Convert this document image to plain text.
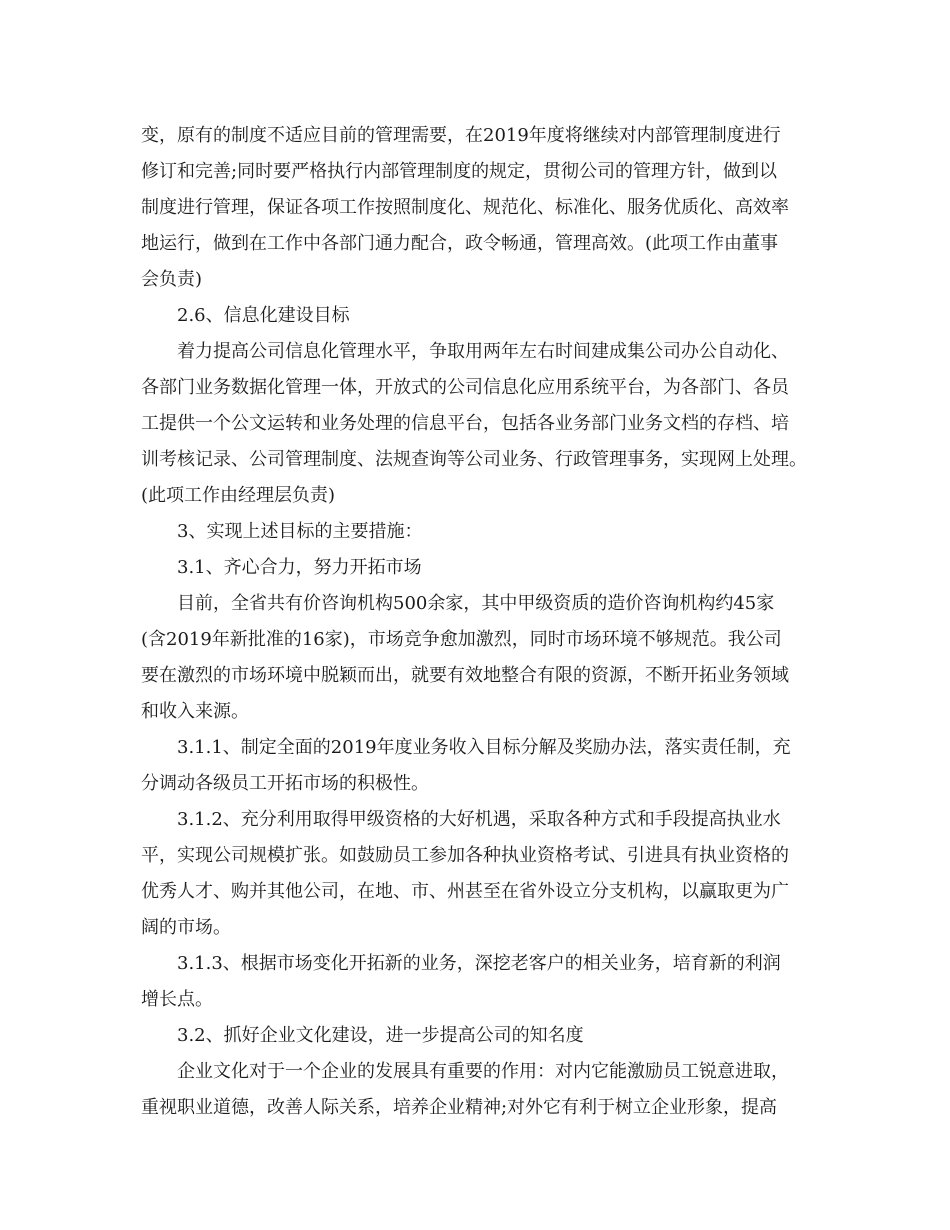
变，原有的制度不适应目前的管理需要，在2019年度将继续对内部管理制度进行
修订和完善;同时要严格执行内部管理制度的规定，贯彻公司的管理方针，做到以
制度进行管理，保证各项工作按照制度化、规范化、标准化、服务优质化、高效率
地运行，做到在工作中各部门通力配合，政令畅通，管理高效。(此项工作由董事
会负责)
2.6、信息化建设目标
着力提高公司信息化管理水平，争取用两年左右时间建成集公司办公自动化、
各部门业务数据化管理一体，开放式的公司信息化应用系统平台，为各部门、各员
工提供一个公文运转和业务处理的信息平台，包括各业务部门业务文档的存档、培
训考核记录、公司管理制度、法规查询等公司业务、行政管理事务，实现网上处理。
(此项工作由经理层负责)
3、实现上述目标的主要措施：
3.1、齐心合力，努力开拓市场
目前，全省共有价咨询机构500余家，其中甲级资质的造价咨询机构约45家
(含2019年新批准的16家)，市场竞争愈加激烈，同时市场环境不够规范。我公司
要在激烈的市场环境中脱颖而出，就要有效地整合有限的资源，不断开拓业务领域
和收入来源。
3.1.1、制定全面的2019年度业务收入目标分解及奖励办法，落实责任制，充
分调动各级员工开拓市场的积极性。
3.1.2、充分利用取得甲级资格的大好机遇，采取各种方式和手段提高执业水
平，实现公司规模扩张。如鼓励员工参加各种执业资格考试、引进具有执业资格的
优秀人才、购并其他公司，在地、市、州甚至在省外设立分支机构，以赢取更为广
阔的市场。
3.1.3、根据市场变化开拓新的业务，深挖老客户的相关业务，培育新的利润
增长点。
3.2、抓好企业文化建设，进一步提高公司的知名度
企业文化对于一个企业的发展具有重要的作用：对内它能激励员工锐意进取，
重视职业道德，改善人际关系，培养企业精神;对外它有利于树立企业形象，提高
